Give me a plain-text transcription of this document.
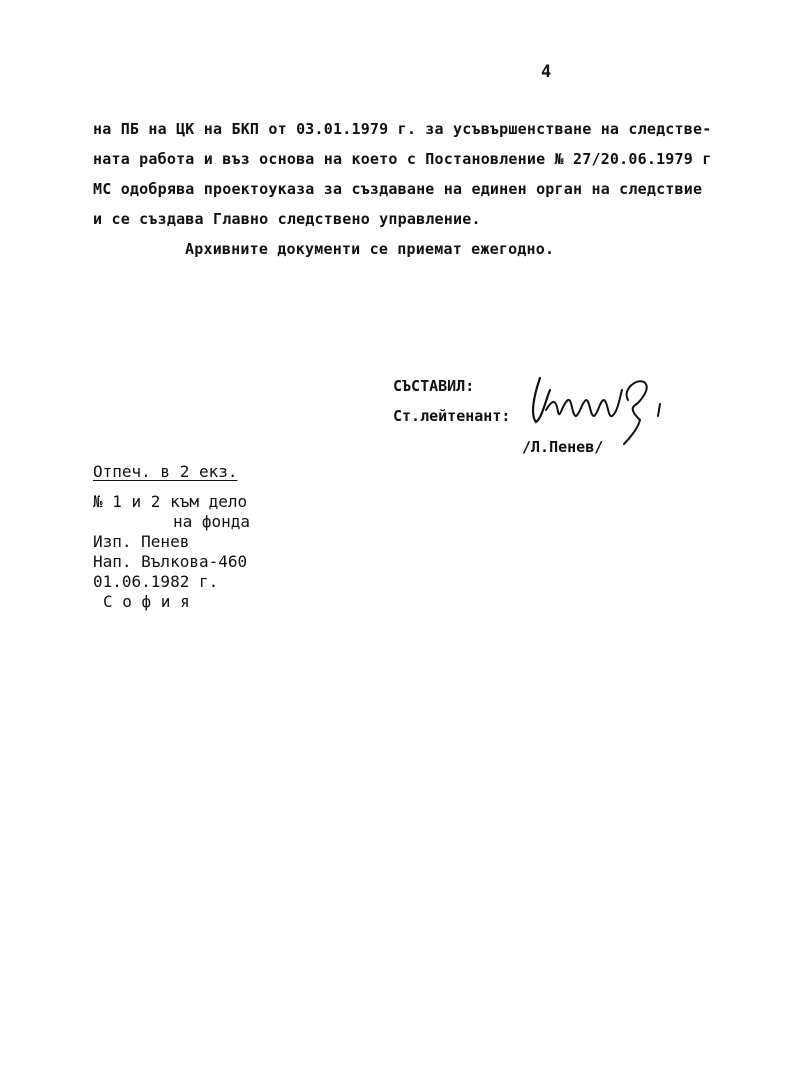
4
на ПБ на ЦК на БКП от 03.01.1979 г. за усъвършенстване на следстве-
ната работа и въз основа на което с Постановление № 27/20.06.1979 г
МС одобрява проектоуказа за създаване на единен орган на следствие
и се създава Главно следствено управление.
Архивните документи се приемат ежегодно.
СЪСТАВИЛ:
Ст.лейтенант:
/Л.Пенев/
Отпеч. в 2 екз.
№ 1 и 2 към дело
на фонда
Изп. Пенев
Нап. Вълкова-460
01.06.1982 г.
С о ф и я
